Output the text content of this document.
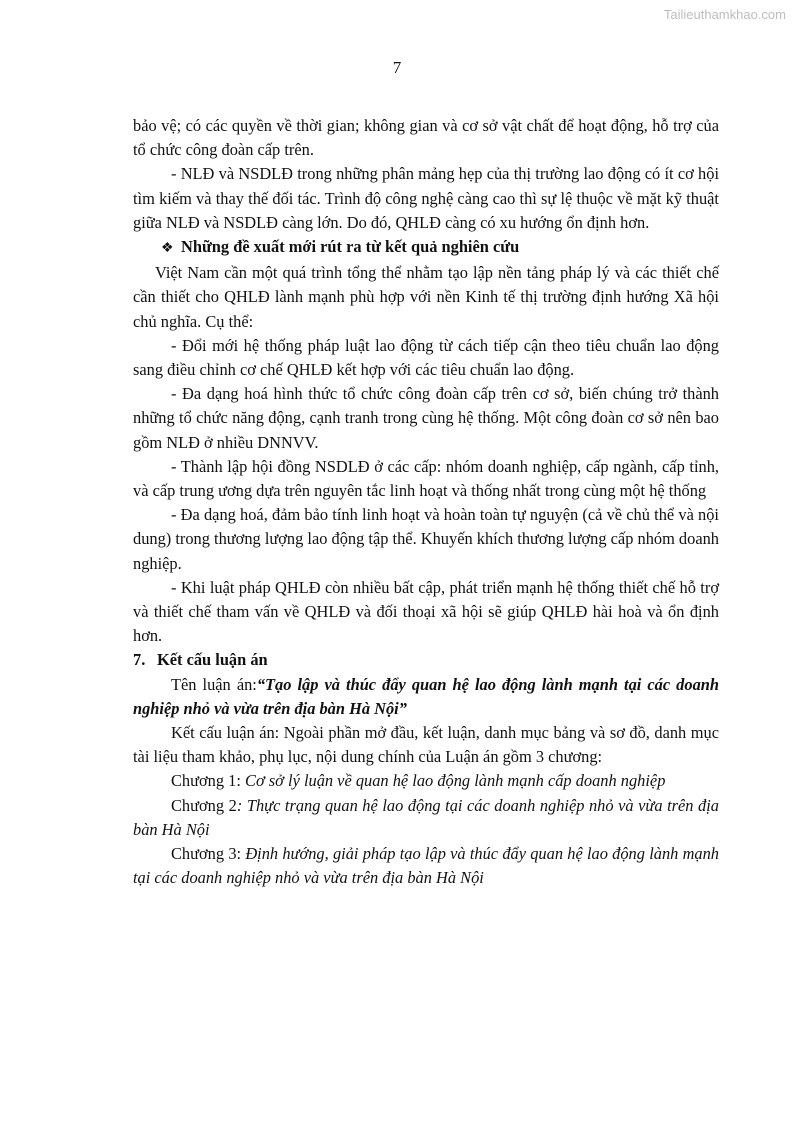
Tailieuthamkhao.com
7

bảo vệ; có các quyền về thời gian; không gian và cơ sở vật chất để hoạt động, hỗ trợ của tổ chức công đoàn cấp trên.

- NLĐ và NSDLĐ trong những phân mảng hẹp của thị trường lao động có ít cơ hội tìm kiếm và thay thế đối tác. Trình độ công nghệ càng cao thì sự lệ thuộc về mặt kỹ thuật giữa NLĐ và NSDLĐ càng lớn. Do đó, QHLĐ càng có xu hướng ổn định hơn.

❖ Những đề xuất mới rút ra từ kết quả nghiên cứu

Việt Nam cần một quá trình tổng thể nhằm tạo lập nền tảng pháp lý và các thiết chế cần thiết cho QHLĐ lành mạnh phù hợp với nền Kinh tế thị trường định hướng Xã hội chủ nghĩa. Cụ thể:

- Đổi mới hệ thống pháp luật lao động từ cách tiếp cận theo tiêu chuẩn lao động sang điều chỉnh cơ chế QHLĐ kết hợp với các tiêu chuẩn lao động.

- Đa dạng hoá hình thức tổ chức công đoàn cấp trên cơ sở, biến chúng trở thành những tổ chức năng động, cạnh tranh trong cùng hệ thống. Một công đoàn cơ sở nên bao gồm NLĐ ở nhiều DNNVV.

- Thành lập hội đồng NSDLĐ ở các cấp: nhóm doanh nghiệp, cấp ngành, cấp tỉnh, và cấp trung ương dựa trên nguyên tắc linh hoạt và thống nhất trong cùng một hệ thống

- Đa dạng hoá, đảm bảo tính linh hoạt và hoàn toàn tự nguyện (cả về chủ thể và nội dung) trong thương lượng lao động tập thể. Khuyến khích thương lượng cấp nhóm doanh nghiệp.

- Khi luật pháp QHLĐ còn nhiều bất cập, phát triển mạnh hệ thống thiết chế hỗ trợ và thiết chế tham vấn về QHLĐ và đối thoại xã hội sẽ giúp QHLĐ hài hoà và ổn định hơn.

7. Kết cấu luận án

Tên luận án:“Tạo lập và thúc đẩy quan hệ lao động lành mạnh tại các doanh nghiệp nhỏ và vừa trên địa bàn Hà Nội”

Kết cấu luận án: Ngoài phần mở đầu, kết luận, danh mục bảng và sơ đồ, danh mục tài liệu tham khảo, phụ lục, nội dung chính của Luận án gồm 3 chương:

Chương 1: Cơ sở lý luận về quan hệ lao động lành mạnh cấp doanh nghiệp

Chương 2: Thực trạng quan hệ lao động tại các doanh nghiệp nhỏ và vừa trên địa bàn Hà Nội

Chương 3: Định hướng, giải pháp tạo lập và thúc đẩy quan hệ lao động lành mạnh tại các doanh nghiệp nhỏ và vừa trên địa bàn Hà Nội
